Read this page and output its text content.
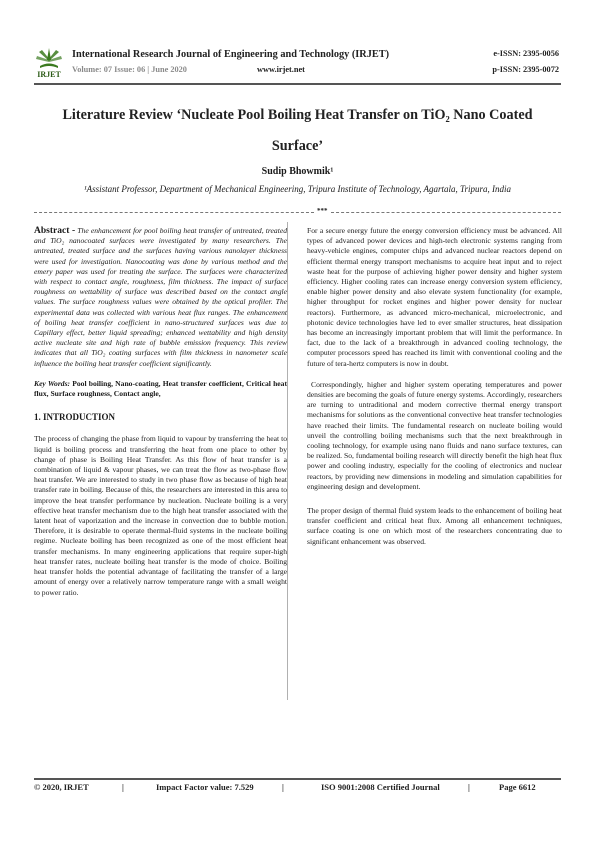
IRJET
International Research Journal of Engineering and Technology (IRJET)
Volume: 07 Issue: 06 | June 2020	www.irjet.net
e-ISSN: 2395-0056
p-ISSN: 2395-0072
Literature Review ‘Nucleate Pool Boiling Heat Transfer on TiO₂ Nano Coated Surface’
Sudip Bhowmik¹
¹Assistant Professor, Department of Mechanical Engineering, Tripura Institute of Technology, Agartala, Tripura, India
***

Abstract - The enhancement for pool boiling heat transfer of untreated, treated and TiO₂ nanocoated surfaces were investigated by many researchers. The untreated, treated surface and the surfaces having various nanolayer thickness were used for investigation. Nanocoating was done by various method and the emery paper was used for treating the surface. The surfaces were characterized with respect to contact angle, roughness, film thickness. The impact of surface roughness on wettability of surface was described based on the contact angle values. The surface roughness values were obtained by the optical profiler. The experimental data was collected with various heat flux ranges. The enhancement of boiling heat transfer coefficient in nano-structured surfaces was due to Capillary effect, better liquid spreading; enhanced wettability and high density active nucleate site and high rate of bubble emission frequency. This review indicates that all TiO₂ coating surfaces with film thickness in nanometer scale influence the boiling heat transfer coefficient significantly.

Key Words: Pool boiling, Nano-coating, Heat transfer coefficient, Critical heat flux, Surface roughness, Contact angle,

1. INTRODUCTION

The process of changing the phase from liquid to vapour by transferring the heat to liquid is boiling process and transferring the heat from one place to other by change of phase is Boiling Heat Transfer. As this flow of heat transfer is a combination of liquid & vapour phases, we can treat the flow as two-phase flow heat transfer. We are interested to study in two phase flow as because of high heat transfer rate in boiling. Because of this, the researchers are interested in this area to improve the heat transfer performance by nucleation. Nucleate boiling is a very effective heat transfer mechanism due to the high heat transfer associated with the latent heat of vaporization and the increase in convection due to bubble motion. Therefore, it is desirable to operate thermal-fluid systems in the nucleate boiling regime. Nucleate boiling has been recognized as one of the most efficient heat transfer mechanisms. In many engineering applications that require super-high heat transfer rates, nucleate boiling heat transfer is the mode of choice. Boiling heat transfer holds the potential advantage of facilitating the transfer of a large amount of energy over a relatively narrow temperature range with a small weight to power ratio.

For a secure energy future the energy conversion efficiency must be advanced. All types of advanced power devices and high-tech electronic systems ranging from heavy-vehicle engines, computer chips and advanced nuclear reactors depend on efficient thermal energy transport mechanisms to acquire heat input and to reject waste heat for the purpose of achieving higher power density and higher system efficiency. Higher cooling rates can increase energy conversion system efficiency, enable higher power density and also elevate system functionality (for example, higher throughput for rocket engines and higher power density for nuclear reactors). Furthermore, as advanced micro-mechanical, microelectronic, and photonic device technologies have led to ever smaller structures, heat dissipation has become an increasingly important problem that will limit the performance. In fact, due to the lack of a breakthrough in advanced cooling technology, the computer processors speed has reached its limit with conventional cooling and the future of tera-hertz computers is now in doubt.

Correspondingly, higher and higher system operating temperatures and power densities are becoming the goals of future energy systems. Accordingly, researchers are turning to untraditional and modern corrective thermal energy transport mechanisms for solutions as the conventional convective heat transfer technologies have reached their limits. The fundamental research on nucleate boiling would unveil the controlling boiling mechanisms such that the next breakthrough in cooling technology, for example using nano fluids and nano surface textures, can be realized. So, fundamental boiling research will directly benefit the high heat flux power and cooling industry, especially for the cooling of electronics and nuclear reactors, by providing new dimensions in modeling and simulation capabilities for engineering design and development.

The proper design of thermal fluid system leads to the enhancement of boiling heat transfer coefficient and critical heat flux. Among all enhancement techniques, surface coating is one on which most of the researchers concentrating due to significant enhancement was observed.

© 2020, IRJET	|	Impact Factor value: 7.529	|	ISO 9001:2008 Certified Journal	|	Page 6612
